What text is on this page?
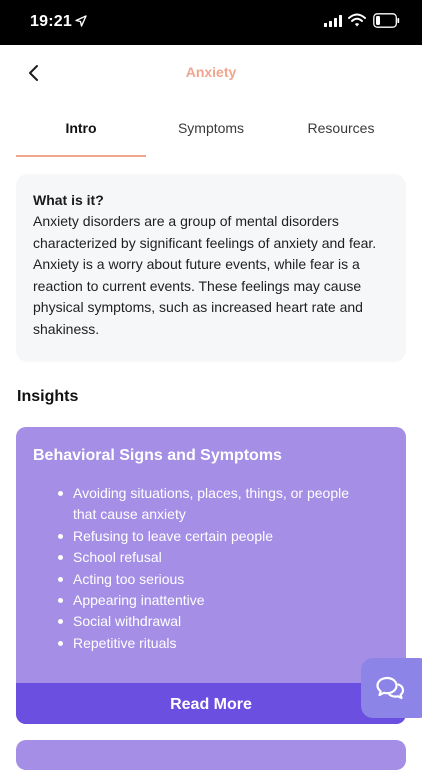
19:21
Anxiety
Intro	Symptoms	Resources
What is it?
Anxiety disorders are a group of mental disorders characterized by significant feelings of anxiety and fear. Anxiety is a worry about future events, while fear is a reaction to current events. These feelings may cause physical symptoms, such as increased heart rate and shakiness.
Insights
Behavioral Signs and Symptoms
Avoiding situations, places, things, or people that cause anxiety
Refusing to leave certain people
School refusal
Acting too serious
Appearing inattentive
Social withdrawal
Repetitive rituals
Read More
